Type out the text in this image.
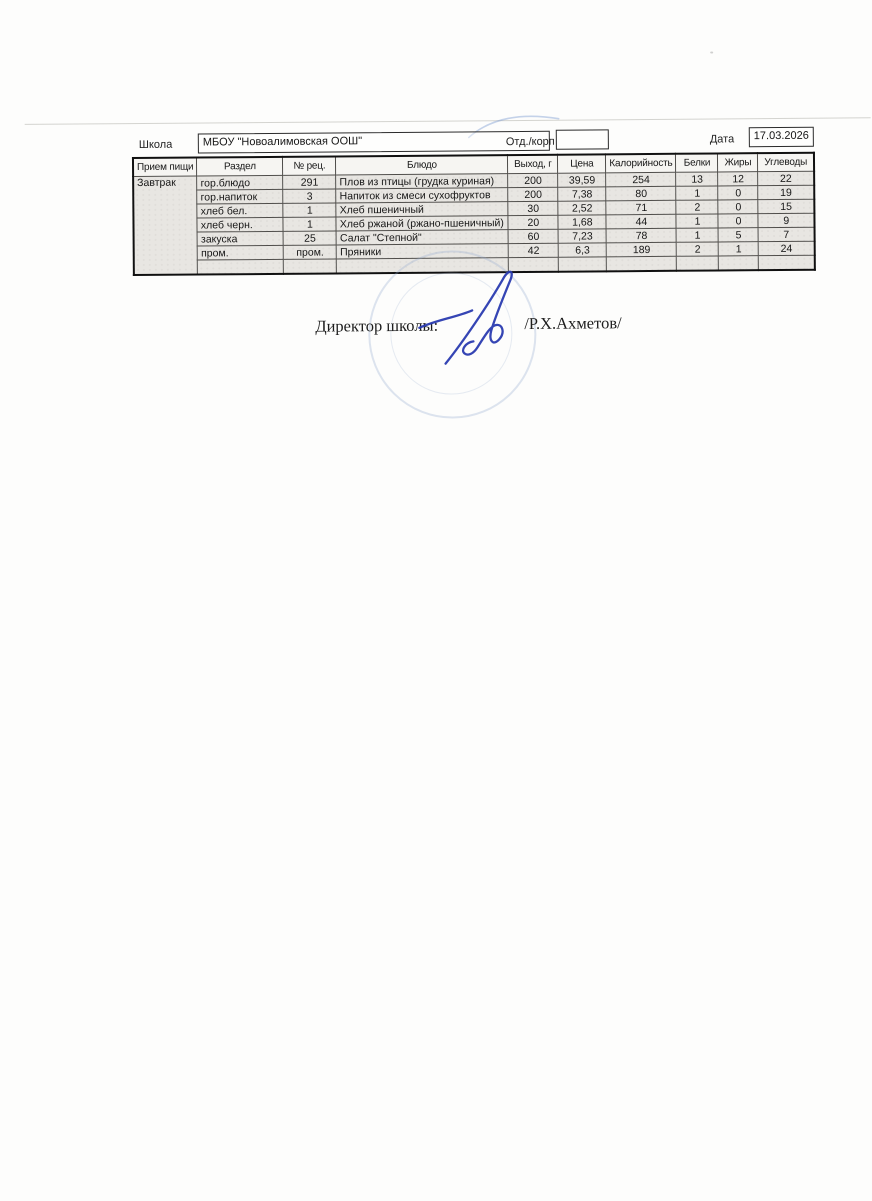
Школа	МБОУ "Новоалимовская ООШ"	Отд./корп	Дата	17.03.2026
Прием пищи	Раздел	№ рец.	Блюдо	Выход, г	Цена	Калорийность	Белки	Жиры	Углеводы
Завтрак	гор.блюдо	291	Плов из птицы (грудка куриная)	200	39,59	254	13	12	22
	гор.напиток	3	Напиток из смеси сухофруктов	200	7,38	80	1	0	19
	хлеб бел.	1	Хлеб пшеничный	30	2,52	71	2	0	15
	хлеб черн.	1	Хлеб ржаной (ржано-пшеничный)	20	1,68	44	1	0	9
	закуска	25	Салат "Степной"	60	7,23	78	1	5	7
	пром.	пром.	Пряники	42	6,3	189	2	1	24

Директор школы:	/Р.Х.Ахметов/
